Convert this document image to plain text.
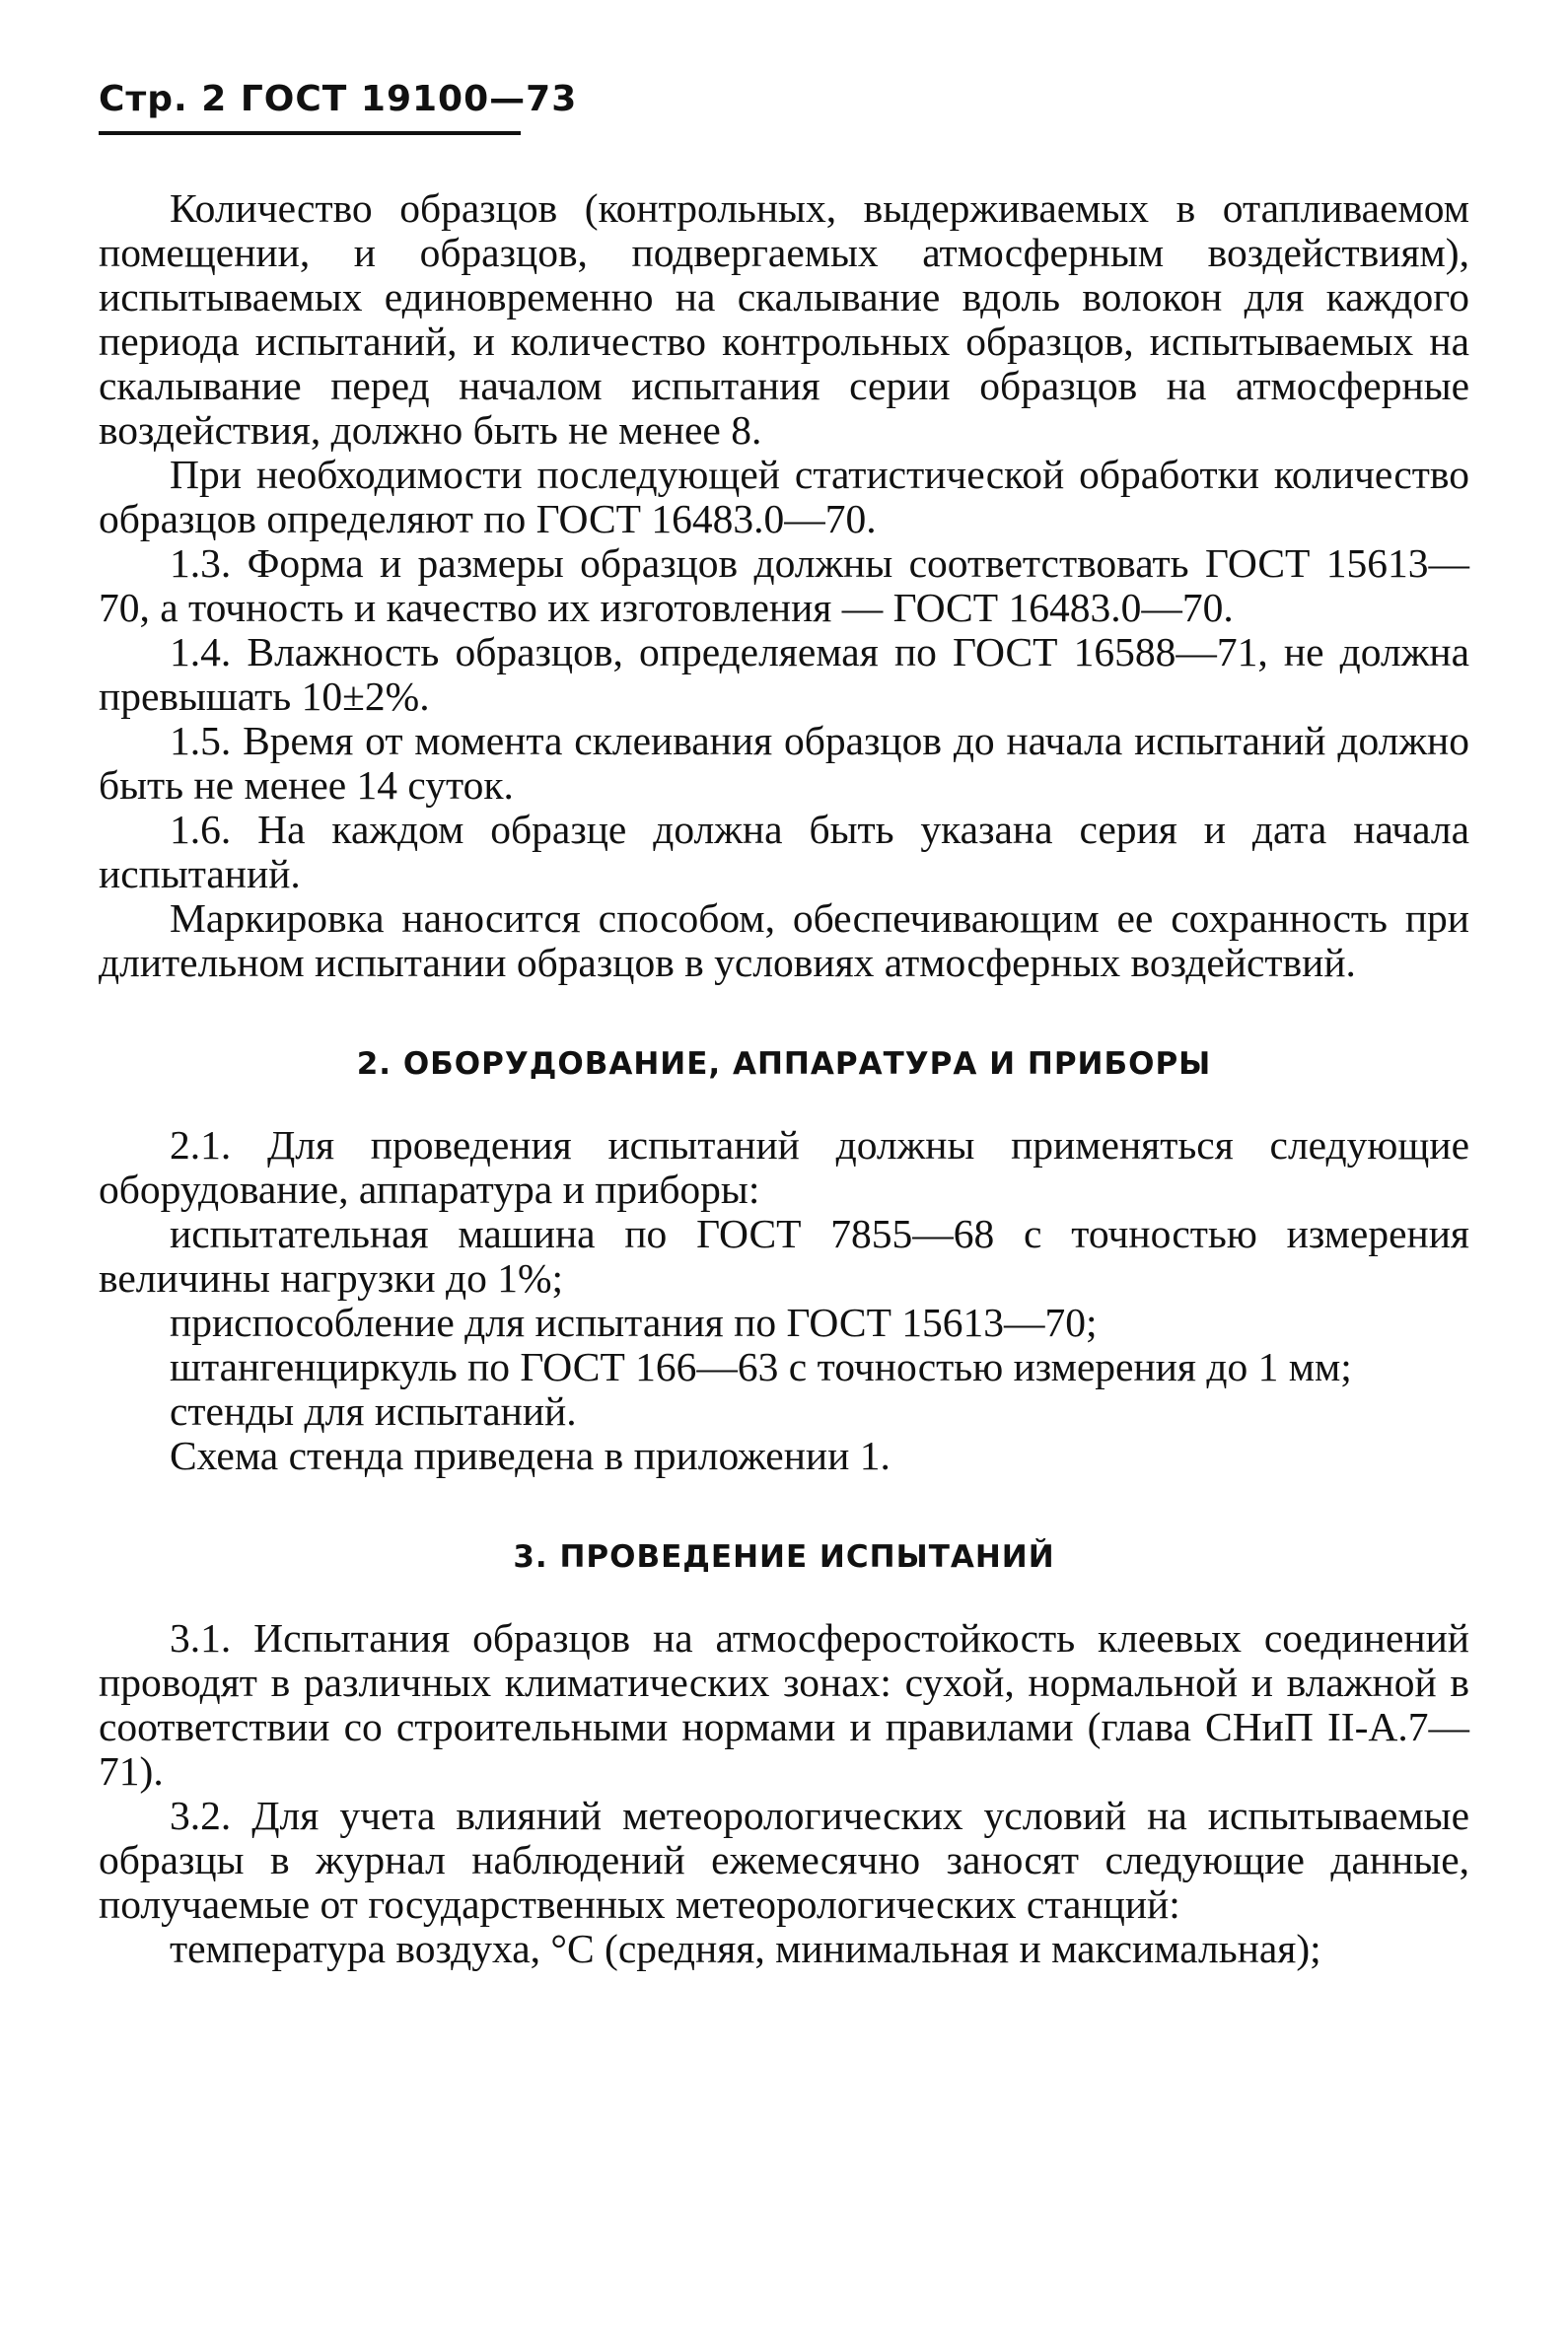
Стр. 2 ГОСТ 19100—73

Количество образцов (контрольных, выдерживаемых в отапливаемом помещении, и образцов, подвергаемых атмосферным воздействиям), испытываемых единовременно на скалывание вдоль волокон для каждого периода испытаний, и количество контрольных образцов, испытываемых на скалывание перед началом испытания серии образцов на атмосферные воздействия, должно быть не менее 8.

При необходимости последующей статистической обработки количество образцов определяют по ГОСТ 16483.0—70.

1.3. Форма и размеры образцов должны соответствовать ГОСТ 15613—70, а точность и качество их изготовления — ГОСТ 16483.0—70.

1.4. Влажность образцов, определяемая по ГОСТ 16588—71, не должна превышать 10±2%.

1.5. Время от момента склеивания образцов до начала испытаний должно быть не менее 14 суток.

1.6. На каждом образце должна быть указана серия и дата начала испытаний.

Маркировка наносится способом, обеспечивающим ее сохранность при длительном испытании образцов в условиях атмосферных воздействий.

2. ОБОРУДОВАНИЕ, АППАРАТУРА И ПРИБОРЫ

2.1. Для проведения испытаний должны применяться следующие оборудование, аппаратура и приборы:

испытательная машина по ГОСТ 7855—68 с точностью измерения величины нагрузки до 1%;

приспособление для испытания по ГОСТ 15613—70;

штангенциркуль по ГОСТ 166—63 с точностью измерения до 1 мм;

стенды для испытаний.

Схема стенда приведена в приложении 1.

3. ПРОВЕДЕНИЕ ИСПЫТАНИЙ

3.1. Испытания образцов на атмосферостойкость клеевых соединений проводят в различных климатических зонах: сухой, нормальной и влажной в соответствии со строительными нормами и правилами (глава СНиП II-А.7—71).

3.2. Для учета влияний метеорологических условий на испытываемые образцы в журнал наблюдений ежемесячно заносят следующие данные, получаемые от государственных метеорологических станций:

температура воздуха, °С (средняя, минимальная и максимальная);
